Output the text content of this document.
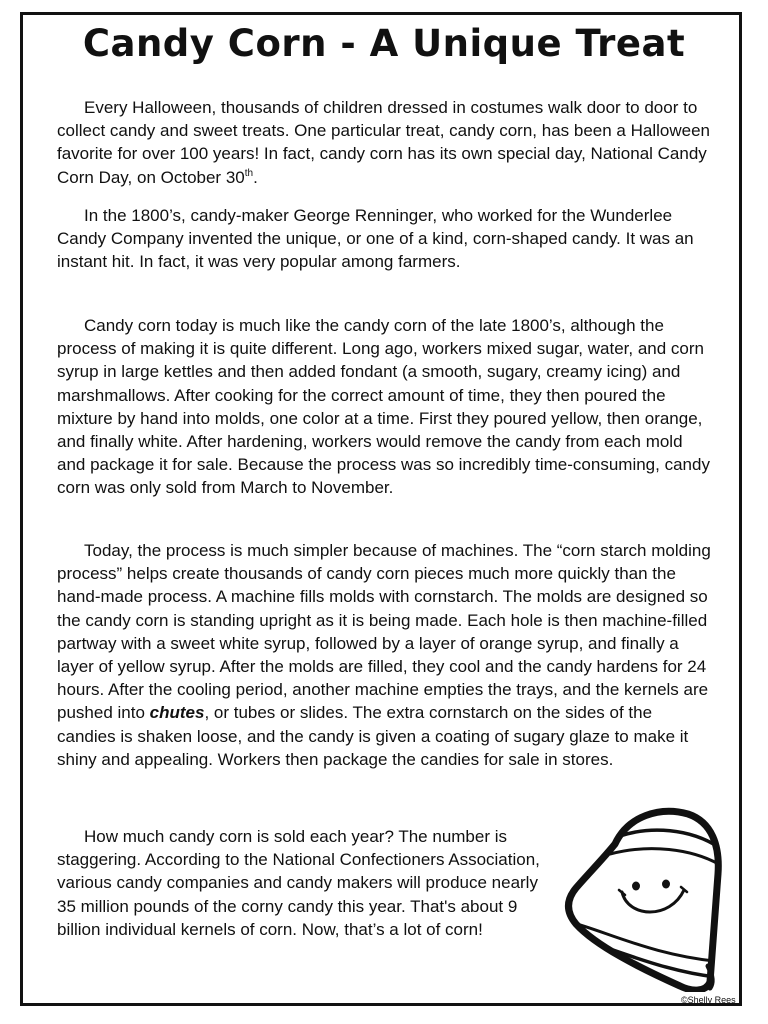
Candy Corn - A Unique Treat

Every Halloween, thousands of children dressed in costumes walk door to door to collect candy and sweet treats. One particular treat, candy corn, has been a Halloween favorite for over 100 years! In fact, candy corn has its own special day, National Candy Corn Day, on October 30th.

In the 1800’s, candy-maker George Renninger, who worked for the Wunderlee Candy Company invented the unique, or one of a kind, corn-shaped candy. It was an instant hit. In fact, it was very popular among farmers.

Candy corn today is much like the candy corn of the late 1800’s, although the process of making it is quite different. Long ago, workers mixed sugar, water, and corn syrup in large kettles and then added fondant (a smooth, sugary, creamy icing) and marshmallows. After cooking for the correct amount of time, they then poured the mixture by hand into molds, one color at a time. First they poured yellow, then orange, and finally white. After hardening, workers would remove the candy from each mold and package it for sale. Because the process was so incredibly time-consuming, candy corn was only sold from March to November.

Today, the process is much simpler because of machines. The “corn starch molding process” helps create thousands of candy corn pieces much more quickly than the hand-made process. A machine fills molds with cornstarch. The molds are designed so the candy corn is standing upright as it is being made. Each hole is then machine-filled partway with a sweet white syrup, followed by a layer of orange syrup, and finally a layer of yellow syrup. After the molds are filled, they cool and the candy hardens for 24 hours. After the cooling period, another machine empties the trays, and the kernels are pushed into chutes, or tubes or slides. The extra cornstarch on the sides of the candies is shaken loose, and the candy is given a coating of sugary glaze to make it shiny and appealing. Workers then package the candies for sale in stores.

How much candy corn is sold each year? The number is staggering. According to the National Confectioners Association, various candy companies and candy makers will produce nearly 35 million pounds of the corny candy this year. That's about 9 billion individual kernels of corn. Now, that’s a lot of corn!

©Shelly Rees
